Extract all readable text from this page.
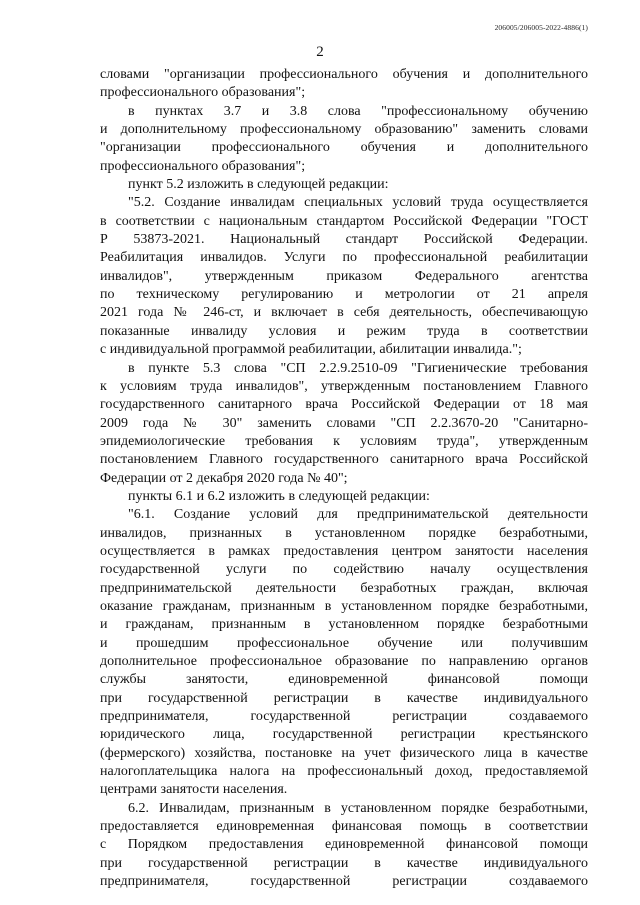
206005/206005-2022-4886(1)
2
словами "организации профессионального обучения и дополнительного
профессионального образования";
в пунктах 3.7 и 3.8 слова "профессиональному обучению
и дополнительному профессиональному образованию" заменить словами
"организации профессионального обучения и дополнительного
профессионального образования";
пункт 5.2 изложить в следующей редакции:
"5.2. Создание инвалидам специальных условий труда осуществляется
в соответствии с национальным стандартом Российской Федерации "ГОСТ
Р 53873-2021. Национальный стандарт Российской Федерации.
Реабилитация инвалидов. Услуги по профессиональной реабилитации
инвалидов", утвержденным приказом Федерального агентства
по техническому регулированию и метрологии от 21 апреля
2021 года № 246-ст, и включает в себя деятельность, обеспечивающую
показанные инвалиду условия и режим труда в соответствии
с индивидуальной программой реабилитации, абилитации инвалида.";
в пункте 5.3 слова "СП 2.2.9.2510-09 "Гигиенические требования
к условиям труда инвалидов", утвержденным постановлением Главного
государственного санитарного врача Российской Федерации от 18 мая
2009 года № 30" заменить словами "СП 2.2.3670-20 "Санитарно-
эпидемиологические требования к условиям труда", утвержденным
постановлением Главного государственного санитарного врача Российской
Федерации от 2 декабря 2020 года № 40";
пункты 6.1 и 6.2 изложить в следующей редакции:
"6.1. Создание условий для предпринимательской деятельности
инвалидов, признанных в установленном порядке безработными,
осуществляется в рамках предоставления центром занятости населения
государственной услуги по содействию началу осуществления
предпринимательской деятельности безработных граждан, включая
оказание гражданам, признанным в установленном порядке безработными,
и гражданам, признанным в установленном порядке безработными
и прошедшим профессиональное обучение или получившим
дополнительное профессиональное образование по направлению органов
службы занятости, единовременной финансовой помощи
при государственной регистрации в качестве индивидуального
предпринимателя, государственной регистрации создаваемого
юридического лица, государственной регистрации крестьянского
(фермерского) хозяйства, постановке на учет физического лица в качестве
налогоплательщика налога на профессиональный доход, предоставляемой
центрами занятости населения.
6.2. Инвалидам, признанным в установленном порядке безработными,
предоставляется единовременная финансовая помощь в соответствии
с Порядком предоставления единовременной финансовой помощи
при государственной регистрации в качестве индивидуального
предпринимателя, государственной регистрации создаваемого
